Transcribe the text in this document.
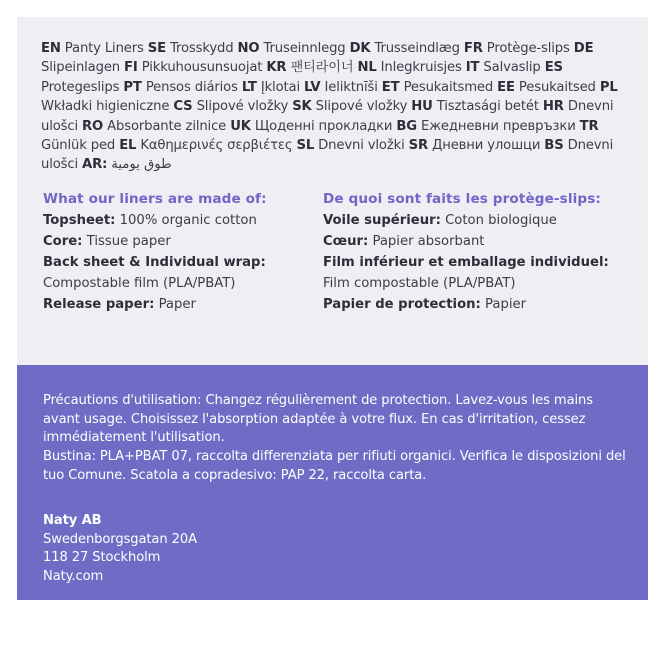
EN Panty Liners SE Trosskydd NO Truseinnlegg DK Trusseindlæg FR Protège-slips DE Slipeinlagen FI Pikkuhousunsuojat KR 팬티라이너 NL Inlegkruisjes IT Salvaslip ES Protegeslips PT Pensos diários LT Įklotai LV Ieliktnīši ET Pesukaitsmed EE Pesukaitsed PL Wkładki higieniczne CS Slipové vložky SK Slipové vložky HU Tisztasági betét HR Dnevni ulošci RO Absorbante zilnice UK Щоденні прокладки BG Ежедневни превръзки TR Günlük ped EL Καθημερινές σερβιέτες SL Dnevni vložki SR Дневни улошци BS Dnevni ulošci AR: طوق يومية
What our liners are made of:
Topsheet: 100% organic cotton
Core: Tissue paper
Back sheet & Individual wrap:
Compostable film (PLA/PBAT)
Release paper: Paper
De quoi sont faits les protège-slips:
Voile supérieur: Coton biologique
Cœur: Papier absorbant
Film inférieur et emballage individuel:
Film compostable (PLA/PBAT)
Papier de protection: Papier
Précautions d'utilisation: Changez régulièrement de protection. Lavez-vous les mains avant usage. Choisissez l'absorption adaptée à votre flux. En cas d'irritation, cessez immédiatement l'utilisation.
Bustina: PLA+PBAT 07, raccolta differenziata per rifiuti organici. Verifica le disposizioni del tuo Comune. Scatola a copradesivo: PAP 22, raccolta carta.
Naty AB
Swedenborgsgatan 20A
118 27 Stockholm
Naty.com
